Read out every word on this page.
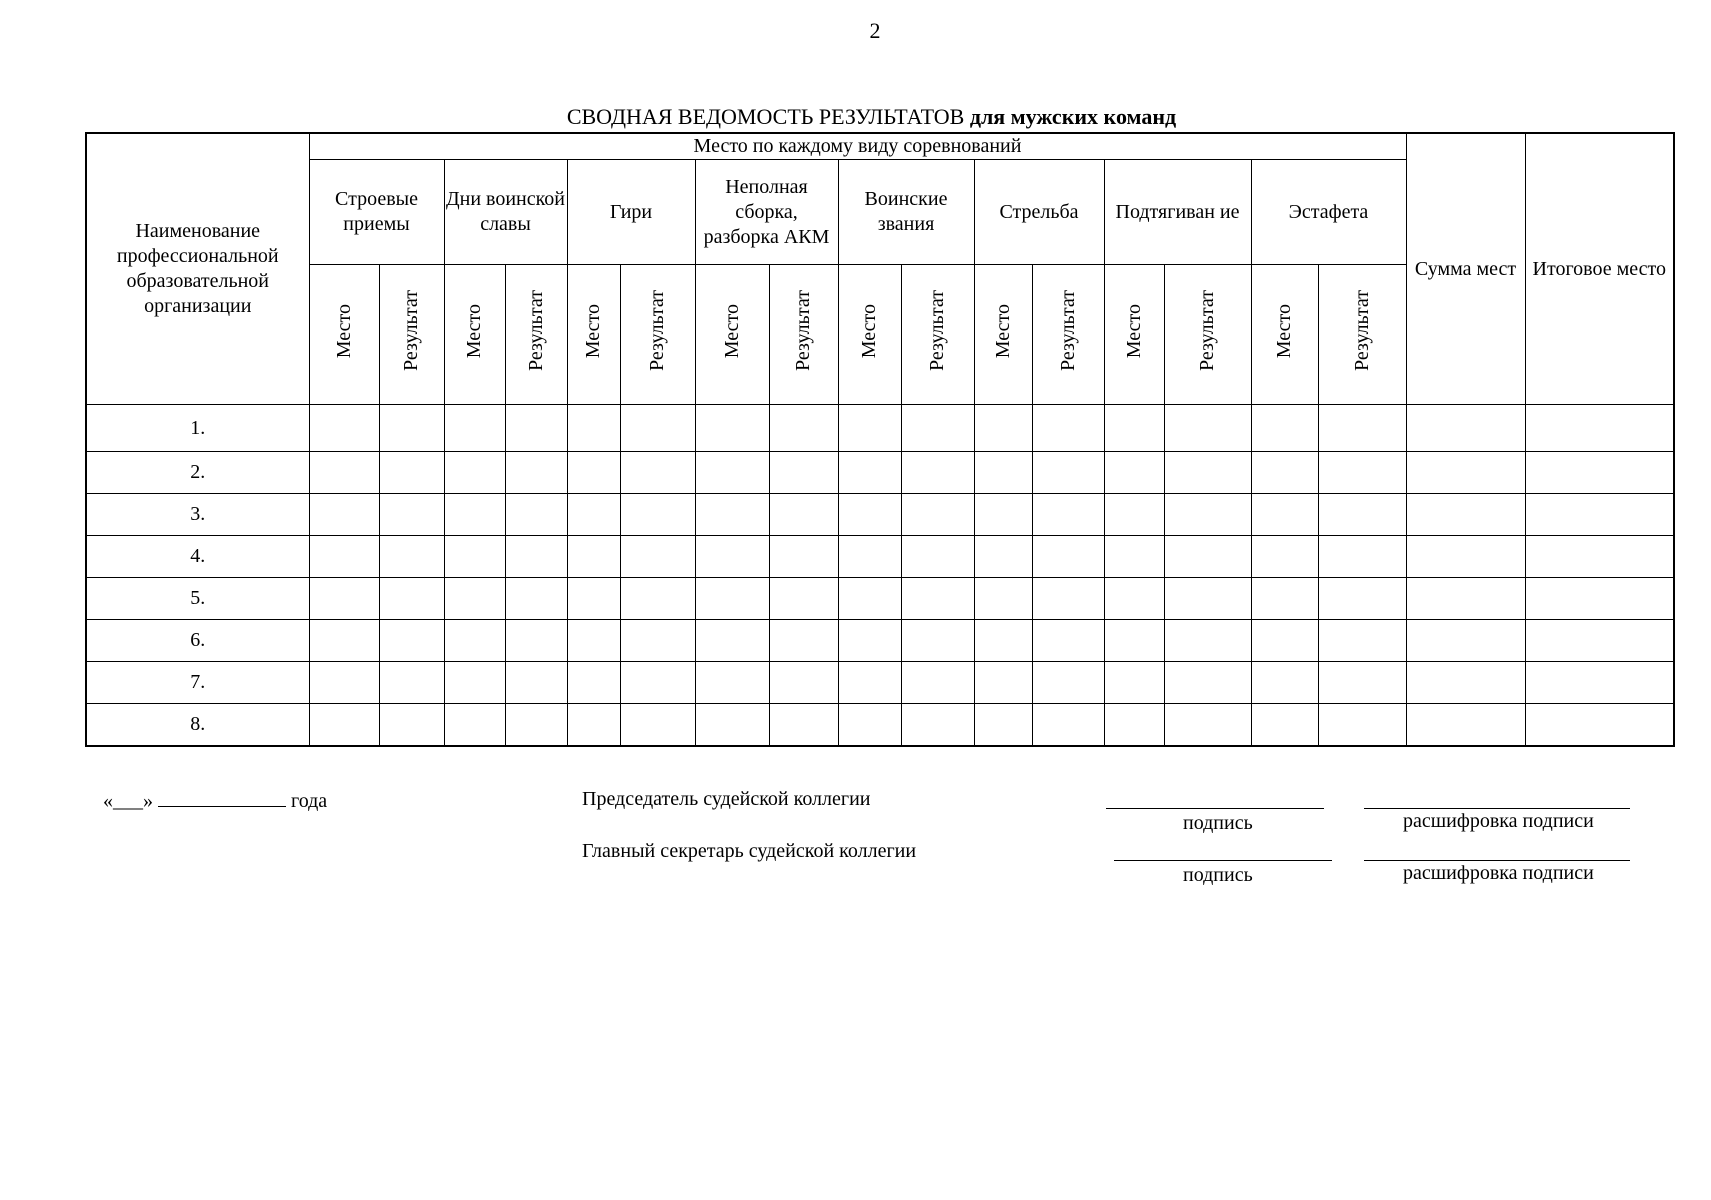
2
СВОДНАЯ ВЕДОМОСТЬ РЕЗУЛЬТАТОВ для мужских команд
Наименование профессиональной образовательной организации	Место по каждому виду соревнований																Сумма мест	Итоговое место
	Строевые приемы		Дни воинской славы		Гири		Неполная сборка, разборка АКМ		Воинские звания		Стрельба		Подтягиван ие		Эстафета			
	Место	Результат	Место	Результат	Место	Результат	Место	Результат	Место	Результат	Место	Результат	Место	Результат	Место	Результат		
1.																		
2.																		
3.																		
4.																		
5.																		
6.																		
7.																		
8.																		
«___»	года	Председатель судейской коллегии
Главный секретарь судейской коллегии
подпись	расшифровка подписи
подпись	расшифровка подписи
